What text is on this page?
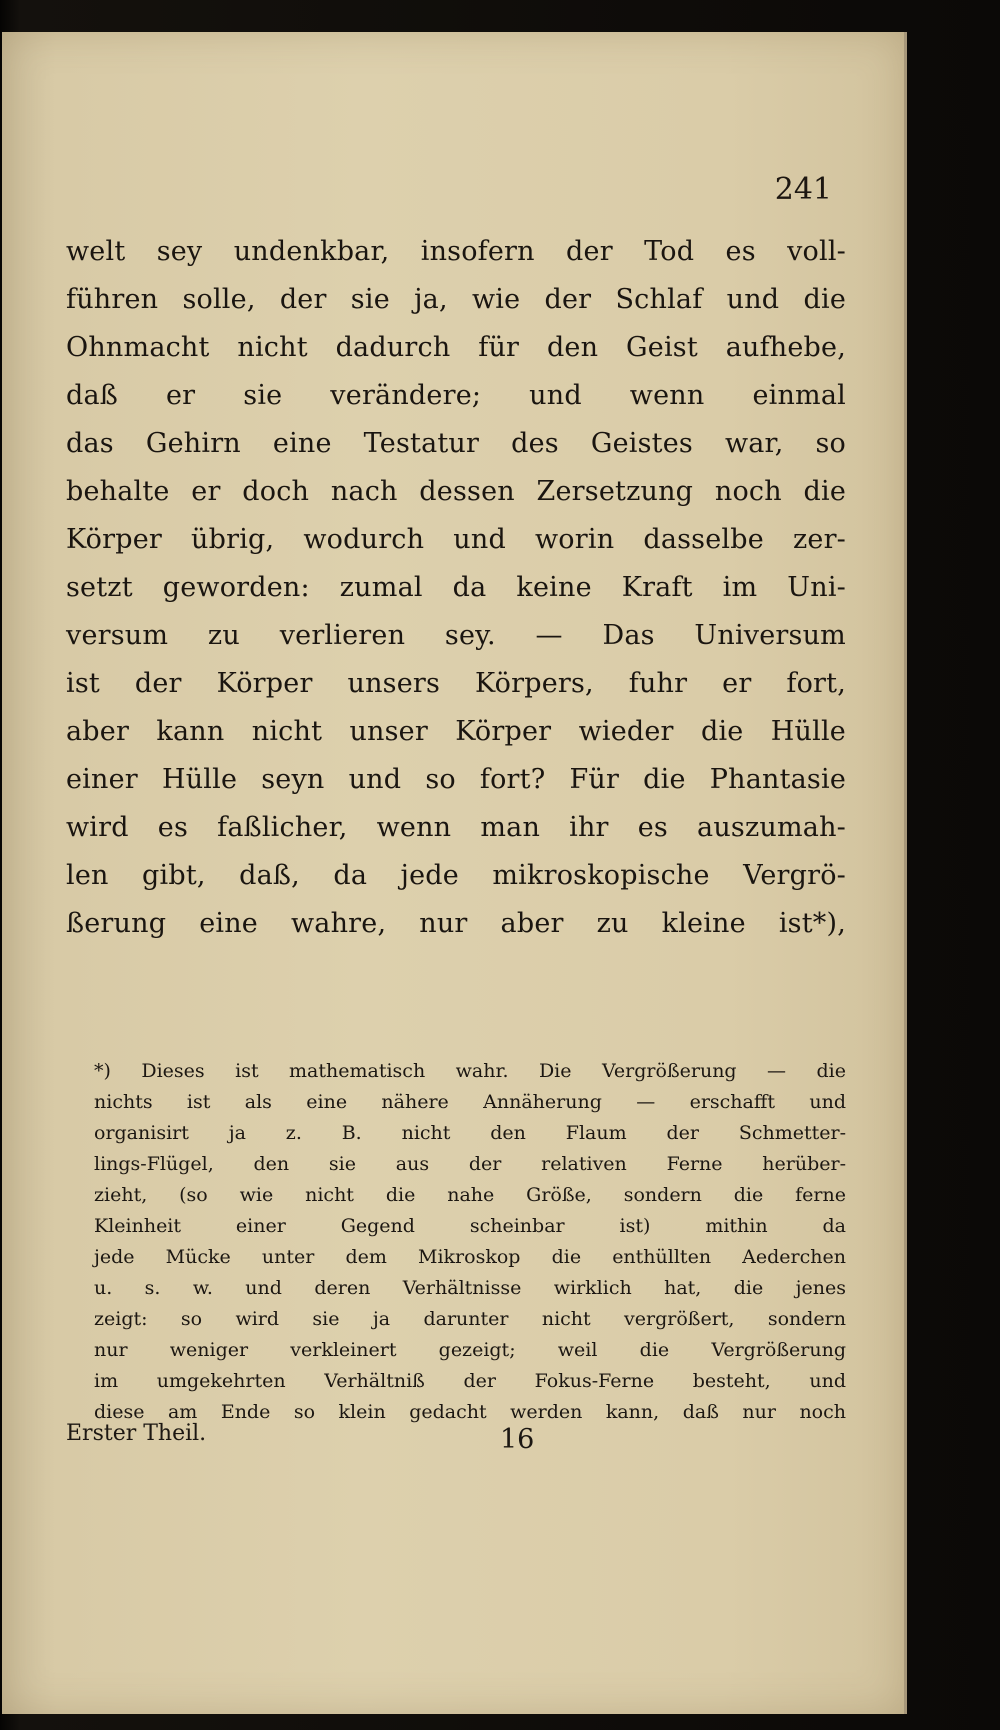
241

welt sey undenkbar, insofern der Tod es voll-
führen solle, der sie ja, wie der Schlaf und die
Ohnmacht nicht dadurch für den Geist aufhebe,
daß er sie verändere; und wenn einmal
das Gehirn eine Testatur des Geistes war, so
behalte er doch nach dessen Zersetzung noch die
Körper übrig, wodurch und worin dasselbe zer-
setzt geworden: zumal da keine Kraft im Uni-
versum zu verlieren sey. — Das Universum
ist der Körper unsers Körpers, fuhr er fort,
aber kann nicht unser Körper wieder die Hülle
einer Hülle seyn und so fort? Für die Phantasie
wird es faßlicher, wenn man ihr es auszumah-
len gibt, daß, da jede mikroskopische Vergrö-
ßerung eine wahre, nur aber zu kleine ist*),

*) Dieses ist mathematisch wahr. Die Vergrößerung — die
nichts ist als eine nähere Annäherung — erschafft und
organisirt ja z. B. nicht den Flaum der Schmetter-
lings-Flügel, den sie aus der relativen Ferne herüber-
zieht, (so wie nicht die nahe Größe, sondern die ferne
Kleinheit einer Gegend scheinbar ist) mithin da
jede Mücke unter dem Mikroskop die enthüllten Aederchen
u. s. w. und deren Verhältnisse wirklich hat, die jenes
zeigt: so wird sie ja darunter nicht vergrößert, sondern
nur weniger verkleinert gezeigt; weil die Vergrößerung
im umgekehrten Verhältniß der Fokus-Ferne besteht, und
diese am Ende so klein gedacht werden kann, daß nur noch

Erster Theil.	16
